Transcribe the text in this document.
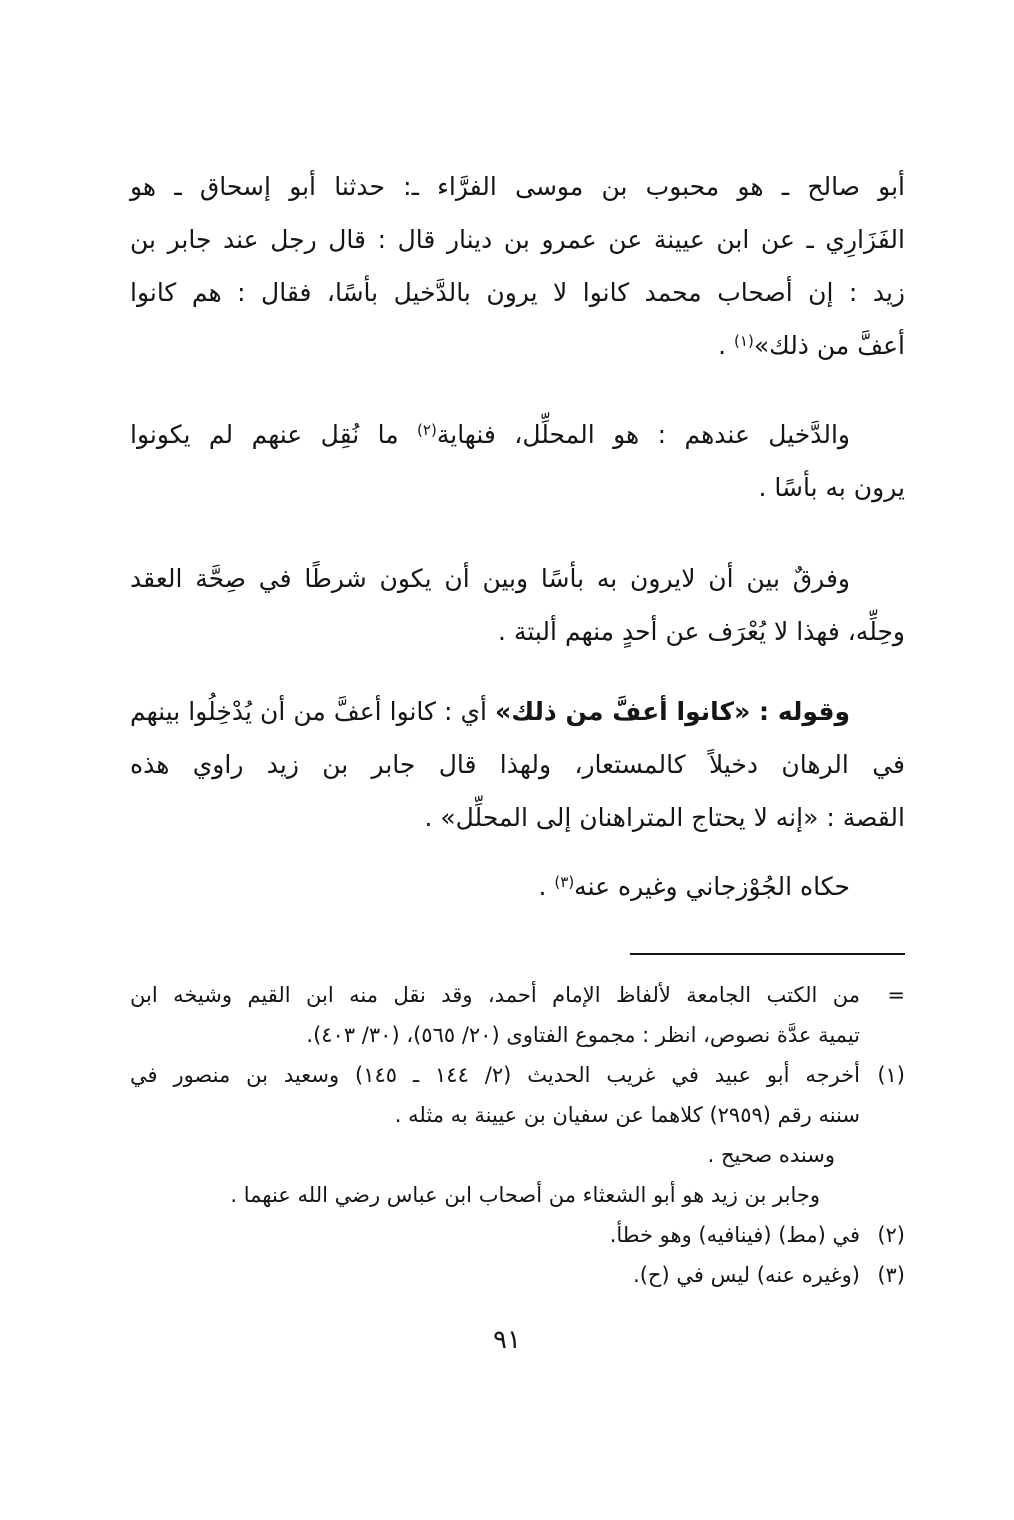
أبو صالح ـ هو محبوب بن موسى الفرَّاء ـ: حدثنا أبو إسحاق ـ هو
الفَزَارِي ـ عن ابن عيينة عن عمرو بن دينار قال : قال رجل عند جابر بن
زيد : إن أصحاب محمد كانوا لا يرون بالدَّخيل بأسًا، فقال : هم كانوا
أعفَّ من ذلك»$^{(١)}$ .
والدَّخيل عندهم : هو المحلِّل، فنهاية$^{(٢)}$ ما نُقِل عنهم لم يكونوا
يرون به بأسًا .
وفرقٌ بين أن لايرون به بأسًا وبين أن يكون شرطًا في صِحَّة العقد
وحِلِّه، فهذا لا يُعْرَف عن أحدٍ منهم ألبتة .
وقوله : «كانوا أعفَّ من ذلك» أي : كانوا أعفَّ من أن يُدْخِلُوا بينهم
في الرهان دخيلاً كالمستعار، ولهذا قال جابر بن زيد راوي هذه
القصة : «إنه لا يحتاج المتراهنان إلى المحلِّل» .
حكاه الجُوْزجاني وغيره عنه$^{(٣)}$ .
=
من الكتب الجامعة لألفاظ الإمام أحمد، وقد نقل منه ابن القيم وشيخه ابن
تيمية عدَّة نصوص، انظر : مجموع الفتاوى (٢٠/ ٥٦٥)، (٣٠/ ٤٠٣).
(١)
أخرجه أبو عبيد في غريب الحديث (٢/ ١٤٤ ـ ١٤٥) وسعيد بن منصور في
سننه رقم (٢٩٥٩) كلاهما عن سفيان بن عيينة به مثله .
وسنده صحيح .
وجابر بن زيد هو أبو الشعثاء من أصحاب ابن عباس رضي الله عنهما .
(٢)
في (مط) (فينافيه) وهو خطأ.
(٣)
(وغيره عنه) ليس في (ح).
٩١
